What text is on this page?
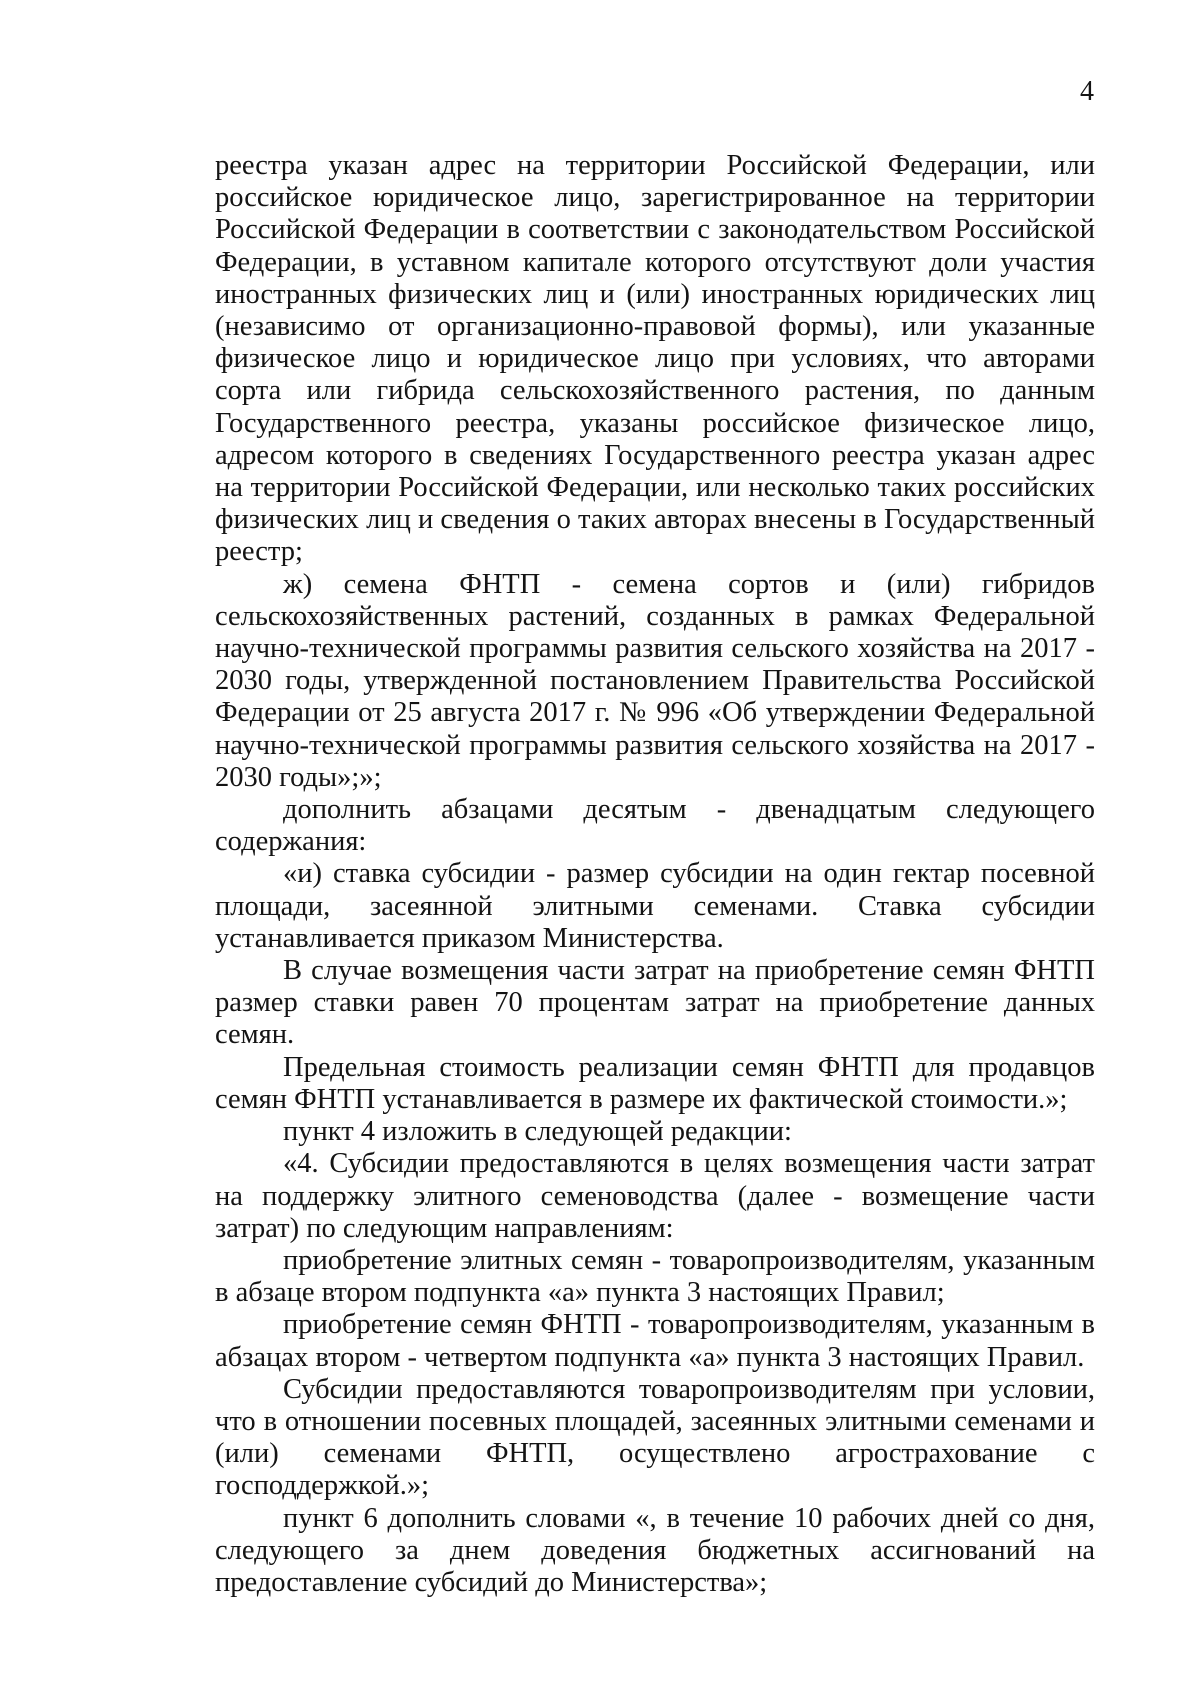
4

реестра указан адрес на территории Российской Федерации, или российское юридическое лицо, зарегистрированное на территории Российской Федерации в соответствии с законодательством Российской Федерации, в уставном капитале которого отсутствуют доли участия иностранных физических лиц и (или) иностранных юридических лиц (независимо от организационно-правовой формы), или указанные физическое лицо и юридическое лицо при условиях, что авторами сорта или гибрида сельскохозяйственного растения, по данным Государственного реестра, указаны российское физическое лицо, адресом которого в сведениях Государственного реестра указан адрес на территории Российской Федерации, или несколько таких российских физических лиц и сведения о таких авторах внесены в Государственный реестр;

ж) семена ФНТП - семена сортов и (или) гибридов сельскохозяйственных растений, созданных в рамках Федеральной научно-технической программы развития сельского хозяйства на 2017 - 2030 годы, утвержденной постановлением Правительства Российской Федерации от 25 августа 2017 г. № 996 «Об утверждении Федеральной научно-технической программы развития сельского хозяйства на 2017 - 2030 годы»;»;

дополнить абзацами десятым - двенадцатым следующего содержания:

«и) ставка субсидии - размер субсидии на один гектар посевной площади, засеянной элитными семенами. Ставка субсидии устанавливается приказом Министерства.

В случае возмещения части затрат на приобретение семян ФНТП размер ставки равен 70 процентам затрат на приобретение данных семян.

Предельная стоимость реализации семян ФНТП для продавцов семян ФНТП устанавливается в размере их фактической стоимости.»;

пункт 4 изложить в следующей редакции:

«4. Субсидии предоставляются в целях возмещения части затрат на поддержку элитного семеноводства (далее - возмещение части затрат) по следующим направлениям:

приобретение элитных семян - товаропроизводителям, указанным в абзаце втором подпункта «а» пункта 3 настоящих Правил;

приобретение семян ФНТП - товаропроизводителям, указанным в абзацах втором - четвертом подпункта «а» пункта 3 настоящих Правил.

Субсидии предоставляются товаропроизводителям при условии, что в отношении посевных площадей, засеянных элитными семенами и (или) семенами ФНТП, осуществлено агрострахование с господдержкой.»;

пункт 6 дополнить словами «, в течение 10 рабочих дней со дня, следующего за днем доведения бюджетных ассигнований на предоставление субсидий до Министерства»;
